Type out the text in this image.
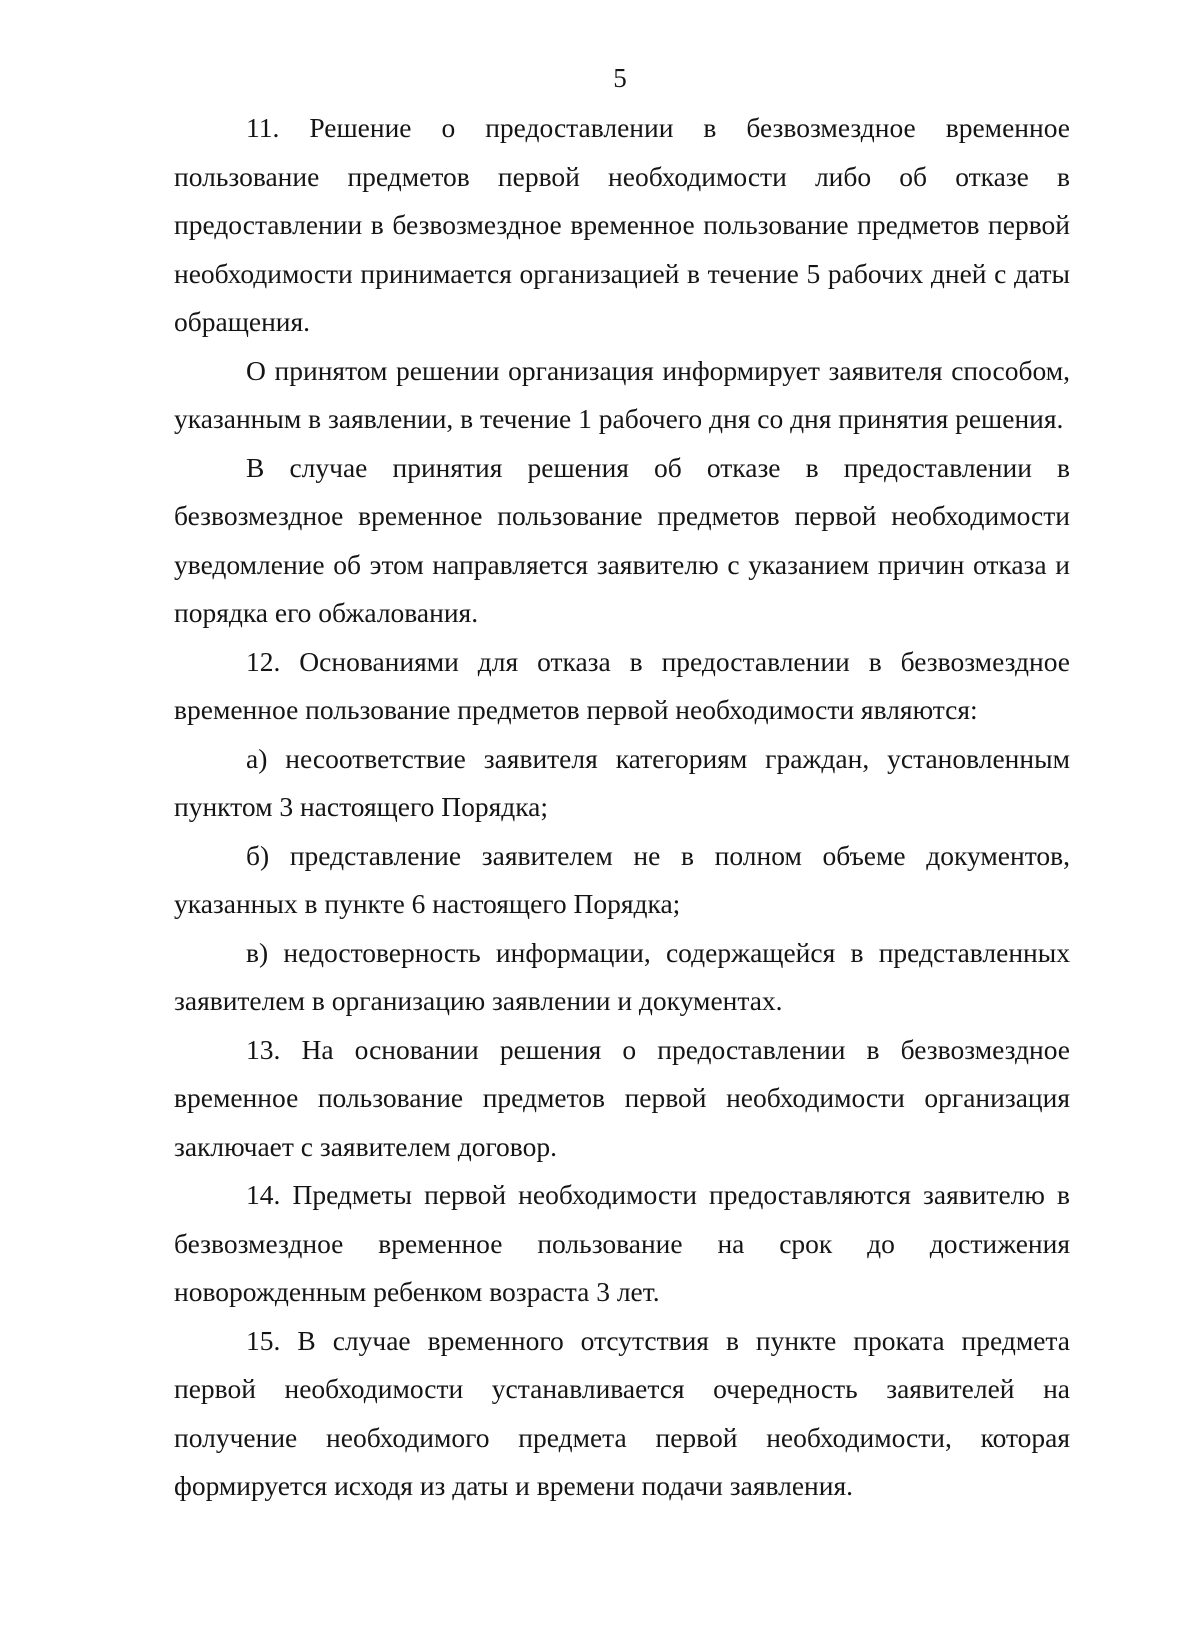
5

11. Решение о предоставлении в безвозмездное временное пользование предметов первой необходимости либо об отказе в предоставлении в безвозмездное временное пользование предметов первой необходимости принимается организацией в течение 5 рабочих дней с даты обращения.

О принятом решении организация информирует заявителя способом, указанным в заявлении, в течение 1 рабочего дня со дня принятия решения.

В случае принятия решения об отказе в предоставлении в безвозмездное временное пользование предметов первой необходимости уведомление об этом направляется заявителю с указанием причин отказа и порядка его обжалования.

12. Основаниями для отказа в предоставлении в безвозмездное временное пользование предметов первой необходимости являются:

а) несоответствие заявителя категориям граждан, установленным пунктом 3 настоящего Порядка;

б) представление заявителем не в полном объеме документов, указанных в пункте 6 настоящего Порядка;

в) недостоверность информации, содержащейся в представленных заявителем в организацию заявлении и документах.

13. На основании решения о предоставлении в безвозмездное временное пользование предметов первой необходимости организация заключает с заявителем договор.

14. Предметы первой необходимости предоставляются заявителю в безвозмездное временное пользование на срок до достижения новорожденным ребенком возраста 3 лет.

15. В случае временного отсутствия в пункте проката предмета первой необходимости устанавливается очередность заявителей на получение необходимого предмета первой необходимости, которая формируется исходя из даты и времени подачи заявления.
